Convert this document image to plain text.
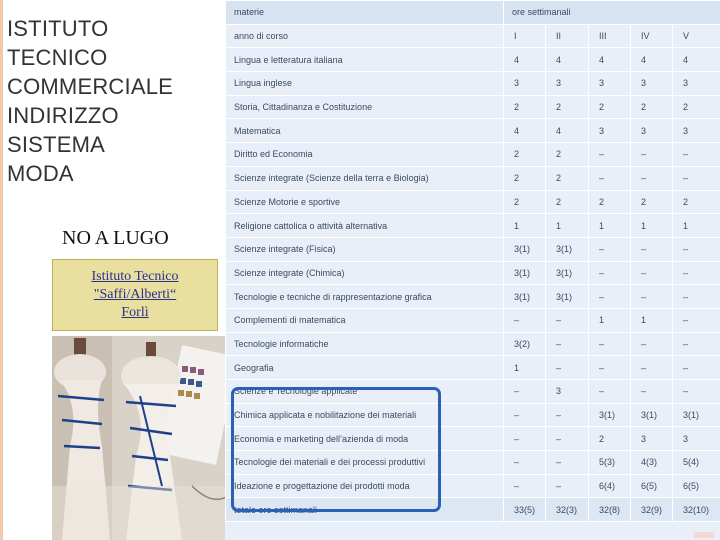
ISTITUTO
TECNICO
COMMERCIALE
INDIRIZZO
SISTEMA
MODA
NO A LUGO
Istituto Tecnico
"Saffi/Alberti“
Forlì
materie	ore settimanali				
anno di corso	I	II	III	IV	V
Lingua e letteratura italiana	4	4	4	4	4
Lingua inglese	3	3	3	3	3
Storia, Cittadinanza e Costituzione	2	2	2	2	2
Matematica	4	4	3	3	3
Diritto ed Economia	2	2	–	–	–
Scienze integrate (Scienze della terra e Biologia)	2	2	–	–	–
Scienze Motorie e sportive	2	2	2	2	2
Religione cattolica o attività alternativa	1	1	1	1	1
Scienze integrate (Fisica)	3(1)	3(1)	–	–	–
Scienze integrate (Chimica)	3(1)	3(1)	–	–	–
Tecnologie e tecniche di rappresentazione grafica	3(1)	3(1)	–	–	–
Complementi di matematica	–	–	1	1	–
Tecnologie informatiche	3(2)	–	–	–	–
Geografia	1	–	–	–	–
Scienze e Tecnologie applicate	–	3	–	–	–
Chimica applicata e nobilitazione dei materiali	–	–	3(1)	3(1)	3(1)
Economia e marketing dell’azienda di moda	–	–	2	3	3
Tecnologie dei materiali e dei processi produttivi	–	–	5(3)	4(3)	5(4)
Ideazione e progettazione dei prodotti moda	–	–	6(4)	6(5)	6(5)
totale ore settimanali	33(5)	32(3)	32(8)	32(9)	32(10)
